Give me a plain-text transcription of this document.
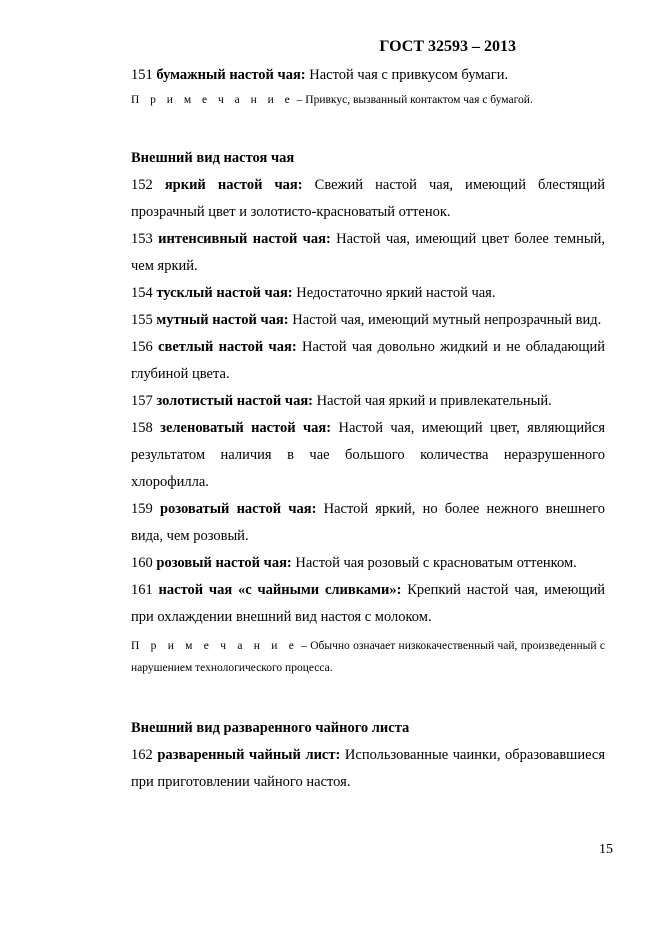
ГОСТ 32593 – 2013

151 бумажный настой чая: Настой чая с привкусом бумаги.

П р и м е ч а н и е – Привкус, вызванный контактом чая с бумагой.

Внешний вид настоя чая

152 яркий настой чая: Свежий настой чая, имеющий блестящий прозрачный цвет и золотисто-красноватый оттенок.

153 интенсивный настой чая: Настой чая, имеющий цвет более темный, чем яркий.

154 тусклый настой чая: Недостаточно яркий настой чая.

155 мутный настой чая: Настой чая, имеющий мутный непрозрачный вид.

156 светлый настой чая: Настой чая довольно жидкий и не обладающий глубиной цвета.

157 золотистый настой чая: Настой чая яркий и привлекательный.

158 зеленоватый настой чая: Настой чая, имеющий цвет, являющийся результатом наличия в чае большого количества неразрушенного хлорофилла.

159 розоватый настой чая: Настой яркий, но более нежного внешнего вида, чем розовый.

160 розовый настой чая: Настой чая розовый с красноватым оттенком.

161 настой чая «с чайными сливками»: Крепкий настой чая, имеющий при охлаждении внешний вид настоя с молоком.

П р и м е ч а н и е – Обычно означает низкокачественный чай, произведенный с нарушением технологического процесса.

Внешний вид разваренного чайного листа

162 разваренный чайный лист: Использованные чаинки, образовавшиеся при приготовлении чайного настоя.

15
